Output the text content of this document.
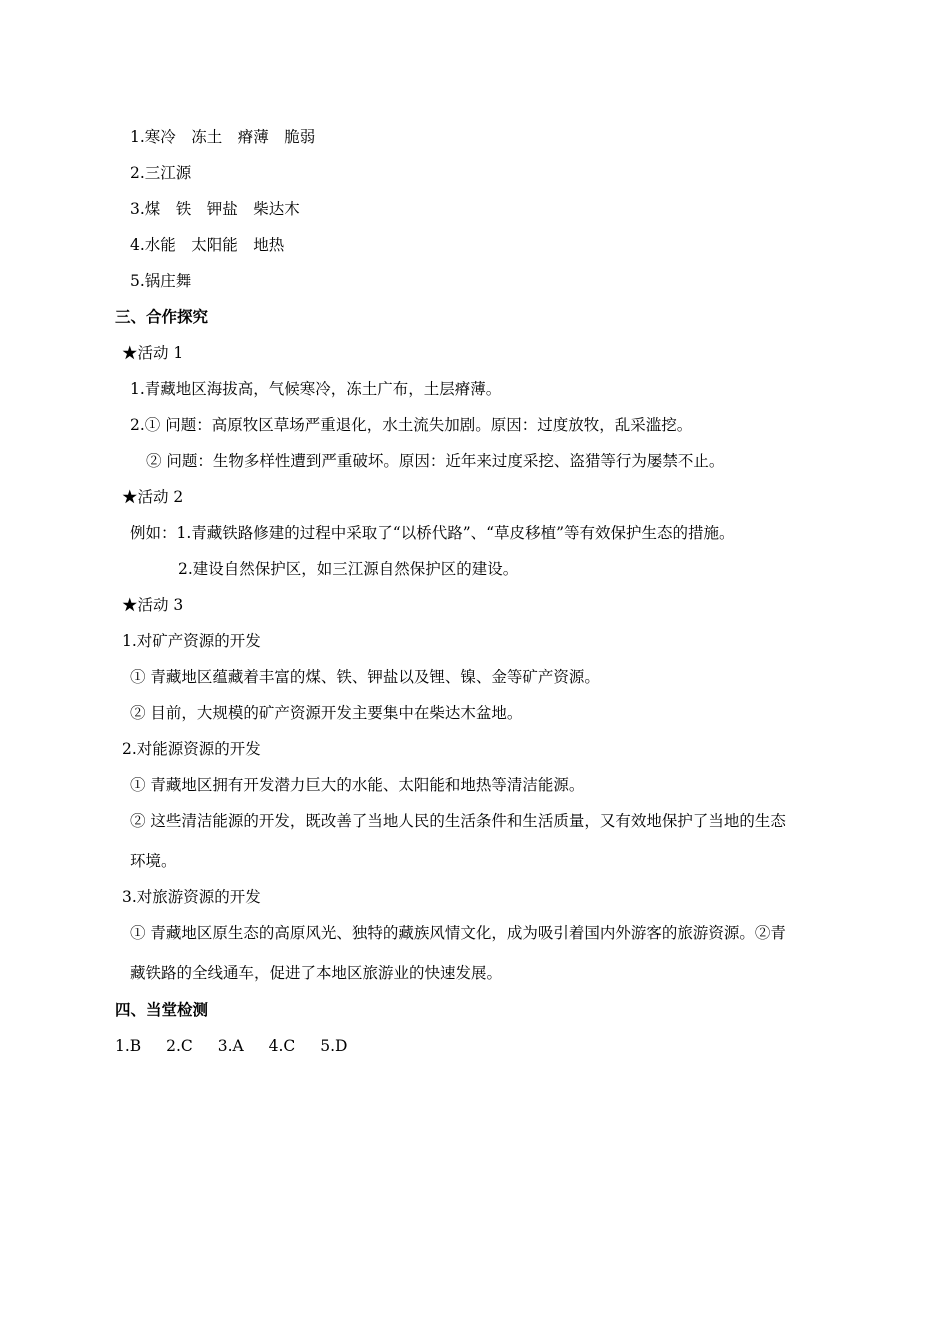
1.寒冷　冻土　瘠薄　脆弱
2.三江源
3.煤　铁　钾盐　柴达木
4.水能　太阳能　地热
5.锅庄舞
三、合作探究
★活动 1
1.青藏地区海拔高，气候寒冷，冻土广布，土层瘠薄。
2.① 问题：高原牧区草场严重退化，水土流失加剧。原因：过度放牧，乱采滥挖。
② 问题：生物多样性遭到严重破坏。原因：近年来过度采挖、盗猎等行为屡禁不止。
★活动 2
例如：1.青藏铁路修建的过程中采取了“以桥代路”、“草皮移植”等有效保护生态的措施。
2.建设自然保护区，如三江源自然保护区的建设。
★活动 3
1.对矿产资源的开发
① 青藏地区蕴藏着丰富的煤、铁、钾盐以及锂、镍、金等矿产资源。
② 目前，大规模的矿产资源开发主要集中在柴达木盆地。
2.对能源资源的开发
① 青藏地区拥有开发潜力巨大的水能、太阳能和地热等清洁能源。
② 这些清洁能源的开发，既改善了当地人民的生活条件和生活质量，又有效地保护了当地的生态
环境。
3.对旅游资源的开发
① 青藏地区原生态的高原风光、独特的藏族风情文化，成为吸引着国内外游客的旅游资源。②青
藏铁路的全线通车，促进了本地区旅游业的快速发展。
四、当堂检测
1.B 2.C 3.A 4.C 5.D
